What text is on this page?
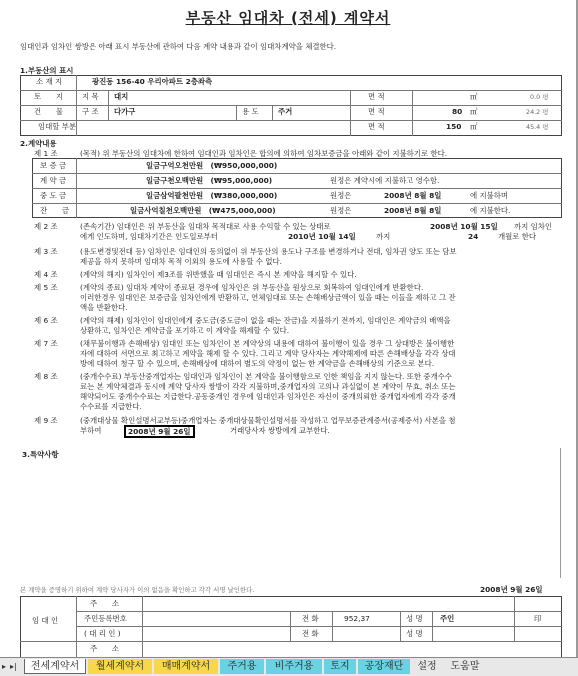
부동산 임대차 (전세) 계약서
임대인과 임차인 쌍방은 아래 표시 부동산에 관하여 다음 계약 내용과 같이 임대차계약을 체결한다.
1.부동산의 표시
소 재 지	광진동 156-40 우리아파트 2층좌측
토　　지	지 목 대지	면 적	㎡	0.0 평
건　　물	구 조 다가구	용 도	주거	면 적	80 ㎡	24.2 평
임대할 부분	면 적	150 ㎡	45.4 평
2.계약내용
제 1 조	(목적) 위 부동산의 임대차에 한하여 임대인과 임차인은 합의에 의하여 임차보증금을 아래와 같이 지불하기로 한다.
보 증 금	일금구억오천만원　(₩950,000,000)
계 약 금	일금구천오백만원　(₩95,000,000)	원정은 계약시에 지불하고 영수함.
중 도 금	일금삼억팔천만원　(₩380,000,000)	원정은	2008년 8월 8일	에 지불하며
잔　　금	일금사억칠천오백만원　(₩475,000,000)	원정은	2008년 8월 8일	에 지불한다.
제 2 조	(존속기간) 임대인은 위 부동산을 임대차 목적대로 사용 수익할 수 있는 상태로	2008년 10월 15일 까지 임차인
에게 인도하며, 임대차기간은 인도일로부터	2010년 10월 14일	까지	24	개월로 한다
제 3 조	(용도변경및전대 등) 임차인은 임대인의 동의없이 위 부동산의 용도나 구조를 변경하거나 전대, 임차권 양도 또는 담보
제공을 하지 못하며 임대차 목적 이외의 용도에 사용할 수 없다.
제 4 조	(계약의 해지) 임차인이 제3조를 위반했을 때 임대인은 즉시 본 계약을 해지할 수 있다.
제 5 조	(계약의 종료) 임대차 계약이 종료된 경우에 임차인은 위 부동산을 원상으로 회복하여 임대인에게 반환한다.
이러한경우 임대인은 보증금을 임차인에게 반환하고, 연체임대료 또는 손해배상금액이 있을 때는 이들을 제하고 그 잔
액을 반환한다.
제 6 조	(계약의 해제) 임차인이 임대인에게 중도금(중도금이 없을 때는 잔금)을 지불하기 전까지, 임대인은 계약금의 배액을
상환하고, 임차인은 계약금을 포기하고 이 계약을 해제할 수 있다.
제 7 조	(채무불이행과 손해배상) 임대인 또는 임차인이 본 계약상의 내용에 대하여 불이행이 있을 경우 그 상대방은 불이행한
자에 대하여 서면으로 최고하고 계약을 해제 할 수 있다. 그리고 계약 당사자는 계약해제에 따른 손해배상을 각각 상대
방에 대하여 청구 할 수 있으며, 손해배상에 대하여 별도의 약정이 없는 한 계약금을 손해배상의 기준으로 본다.
제 8 조	(중개수수료) 부동산중개업자는 임대인과 임차인이 본 계약을 불이행함으로 인한 책임을 지지 않는다. 또한 중개수수
료는 본 계약체결과 동시에 계약 당사자 쌍방이 각각 지불하며,중개업자의 고의나 과실없이 본 계약이 무효, 취소 또는
해약되어도 중개수수료는 지급한다.공동중개인 경우에 임대인과 임차인은 자신이 중개의뢰한 중개업자에게 각각 중개
수수료를 지급한다.
제 9 조	(중개대상물 확인설명서교부등)중개업자는 중개대상물확인설명서를 작성하고 업무보증관계증서(공제증서) 사본을 첨
부하여	2008년 9월 26일	거래당사자 쌍방에게 교부한다.
3.특약사항
본 계약을 증명하기 위하여 계약 당사자가 이의 없음을 확인하고 각각 서명 날인한다.	2008년 9월 26일
주　　소
임 대 인	주민등록번호	전 화	952,37	성 명 주인	印
( 대 리 인 )	전 화	성 명
주　　소
▸ ▸|	전세계약서	월세계약서	매매계약서	주거용	비주거용	토지	공장재단	설정	도움말
